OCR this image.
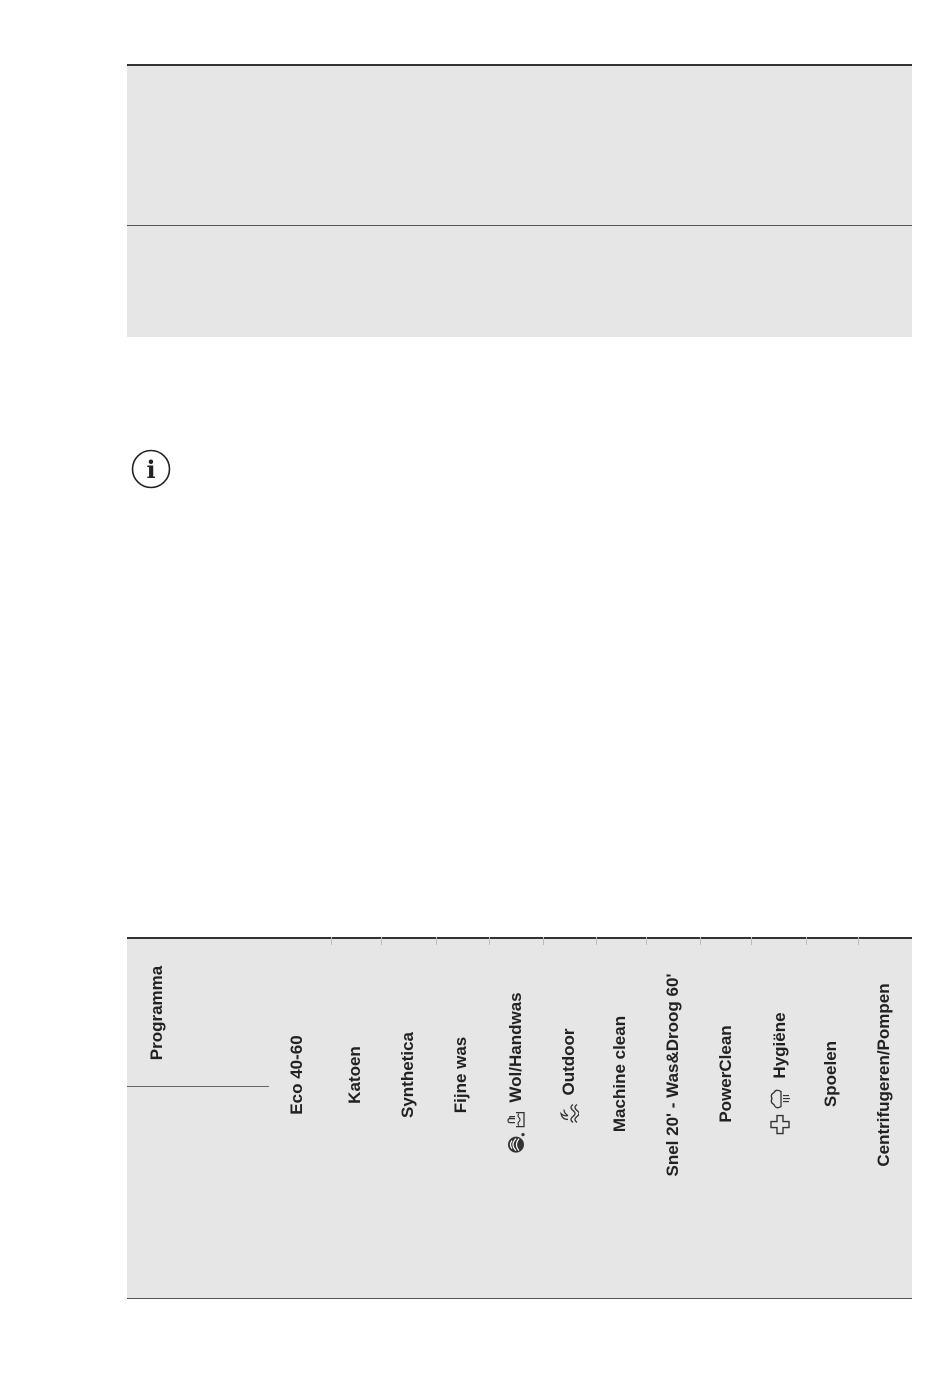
i
Programma
Eco 40-60 Katoen Synthetica Fijne was Wol/Handwas Outdoor Machine clean Snel 20' - Was&Droog 60' PowerClean Hygiëne Spoelen Centrifugeren/Pompen
